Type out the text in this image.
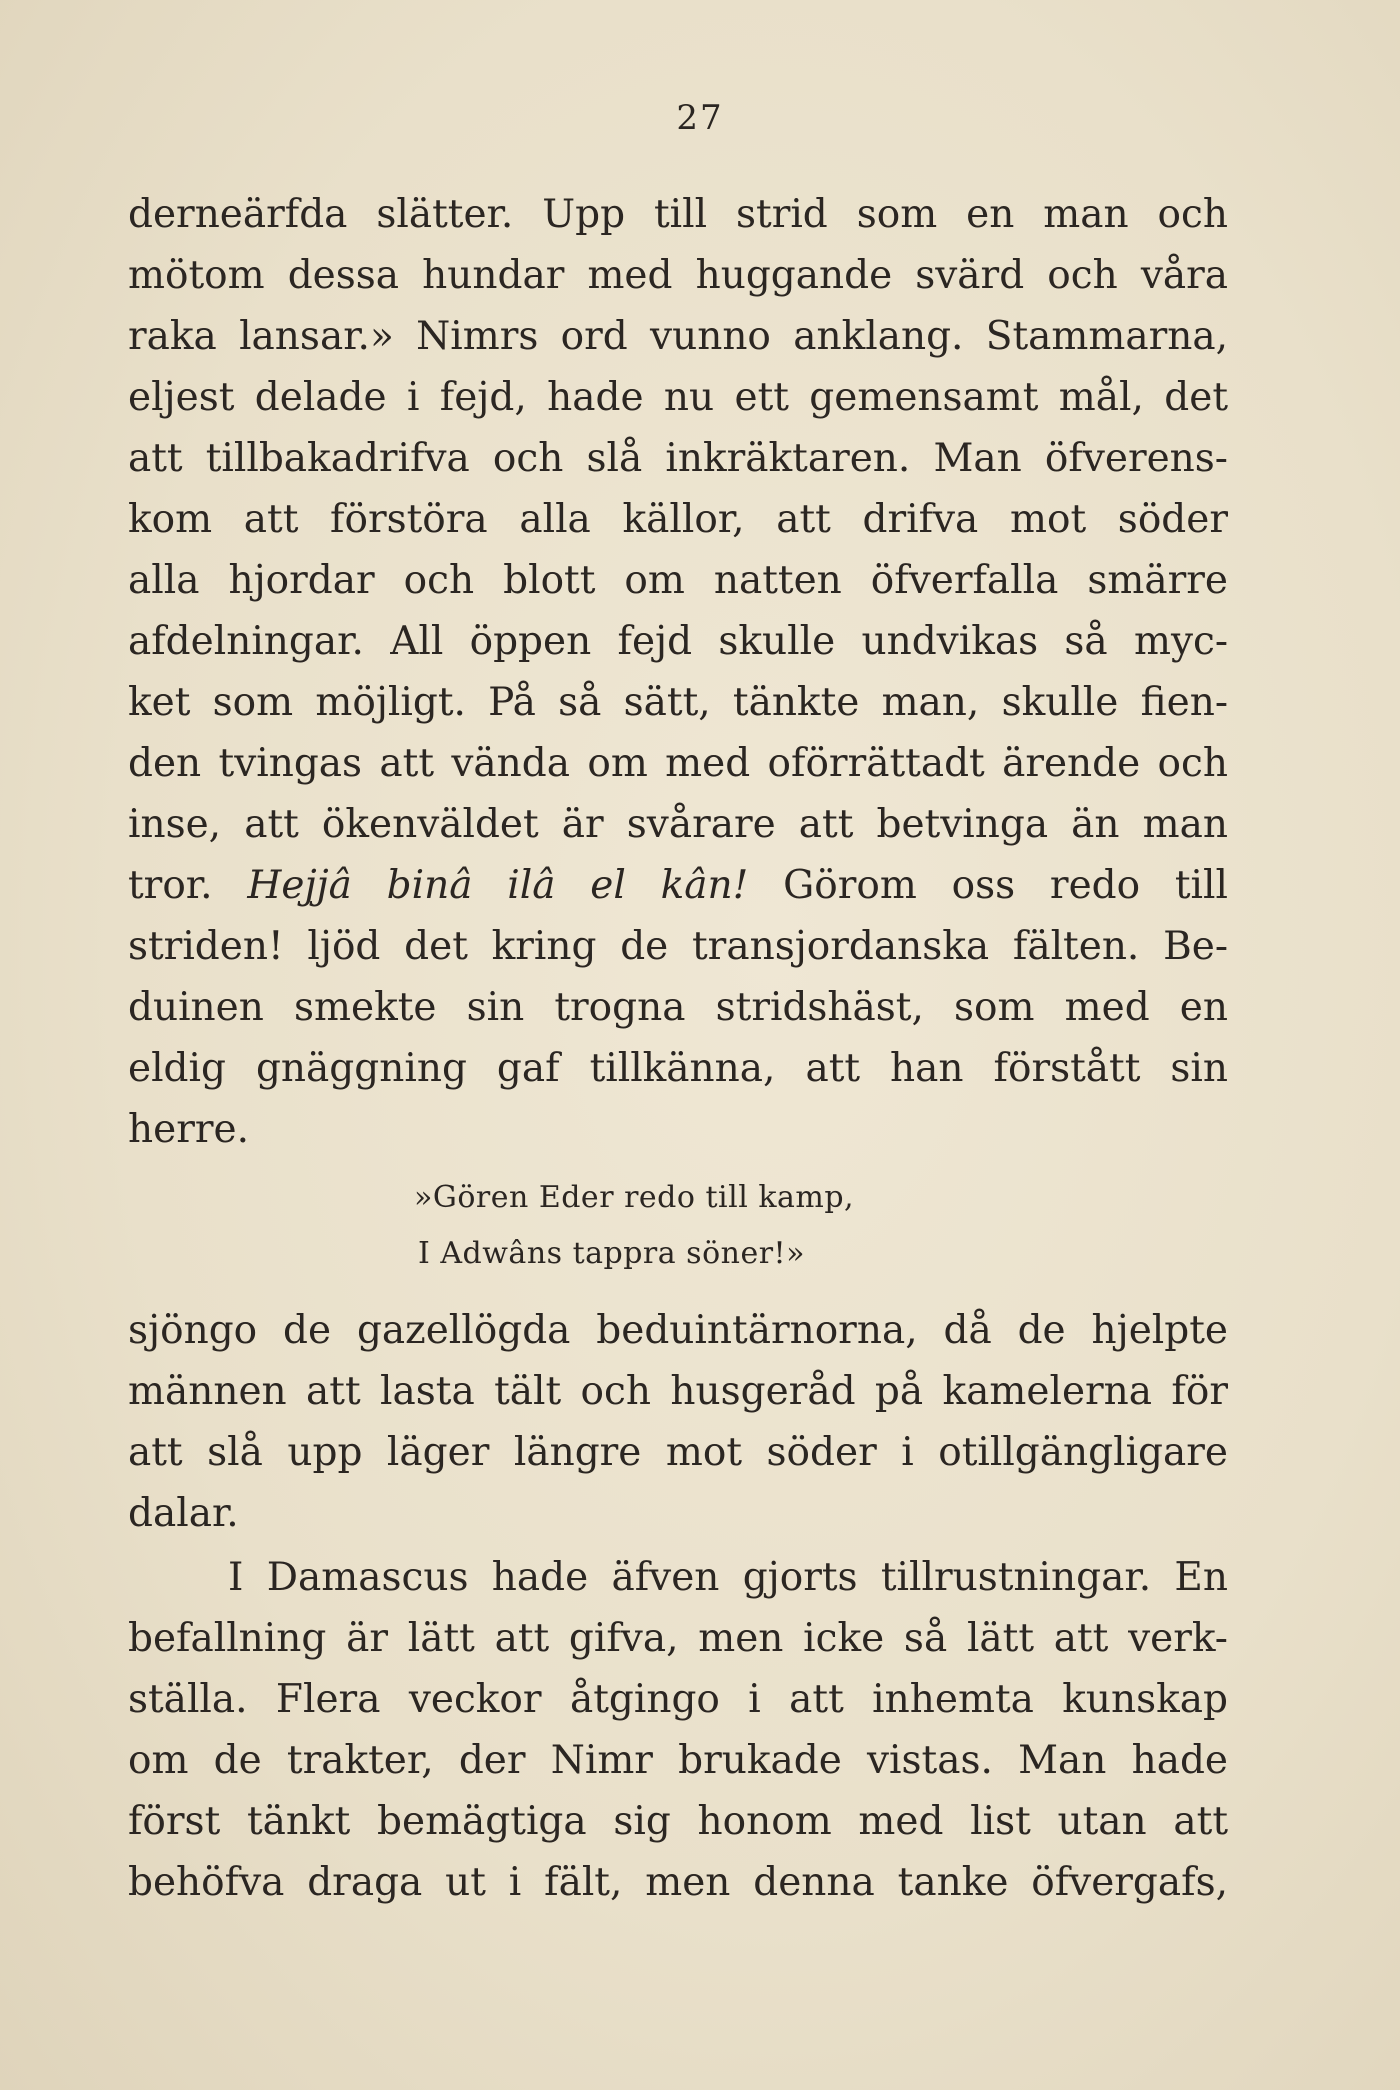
27
derneärfda slätter. Upp till strid som en man och
mötom dessa hundar med huggande svärd och våra
raka lansar.» Nimrs ord vunno anklang. Stammarna,
eljest delade i fejd, hade nu ett gemensamt mål, det
att tillbakadrifva och slå inkräktaren. Man öfverens-
kom att förstöra alla källor, att drifva mot söder
alla hjordar och blott om natten öfverfalla smärre
afdelningar. All öppen fejd skulle undvikas så myc-
ket som möjligt. På så sätt, tänkte man, skulle fien-
den tvingas att vända om med oförrättadt ärende och
inse, att ökenväldet är svårare att betvinga än man
tror. Hejjâ binâ ilâ el kân! Görom oss redo till
striden! ljöd det kring de transjordanska fälten. Be-
duinen smekte sin trogna stridshäst, som med en
eldig gnäggning gaf tillkänna, att han förstått sin
herre.
»Gören Eder redo till kamp,
I Adwâns tappra söner!»
sjöngo de gazellögda beduintärnorna, då de hjelpte
männen att lasta tält och husgeråd på kamelerna för
att slå upp läger längre mot söder i otillgängligare
dalar.
I Damascus hade äfven gjorts tillrustningar. En
befallning är lätt att gifva, men icke så lätt att verk-
ställa. Flera veckor åtgingo i att inhemta kunskap
om de trakter, der Nimr brukade vistas. Man hade
först tänkt bemägtiga sig honom med list utan att
behöfva draga ut i fält, men denna tanke öfvergafs,
